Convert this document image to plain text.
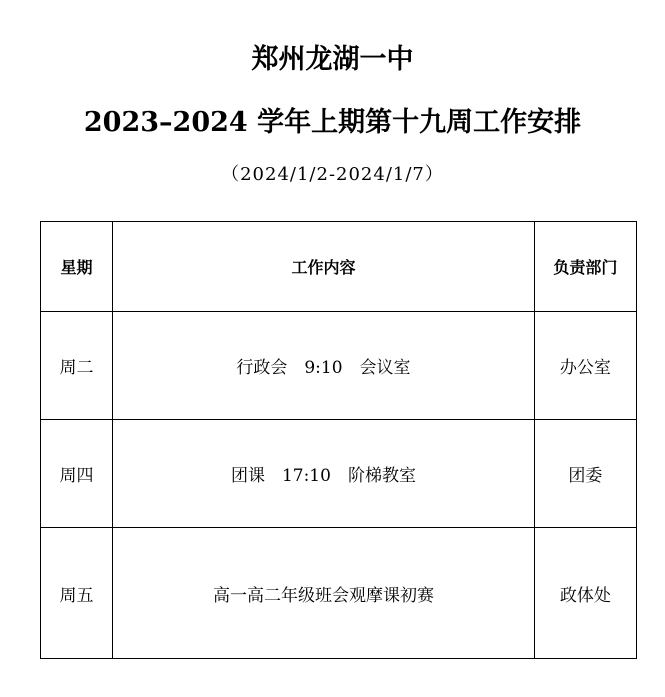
郑州龙湖一中
2023–2024 学年上期第十九周工作安排
（2024/1/2-2024/1/7）
星期	工作内容	负责部门
周二	行政会　9:10　会议室	办公室
周四	团课　17:10　阶梯教室	团委
周五	高一高二年级班会观摩课初赛	政体处
